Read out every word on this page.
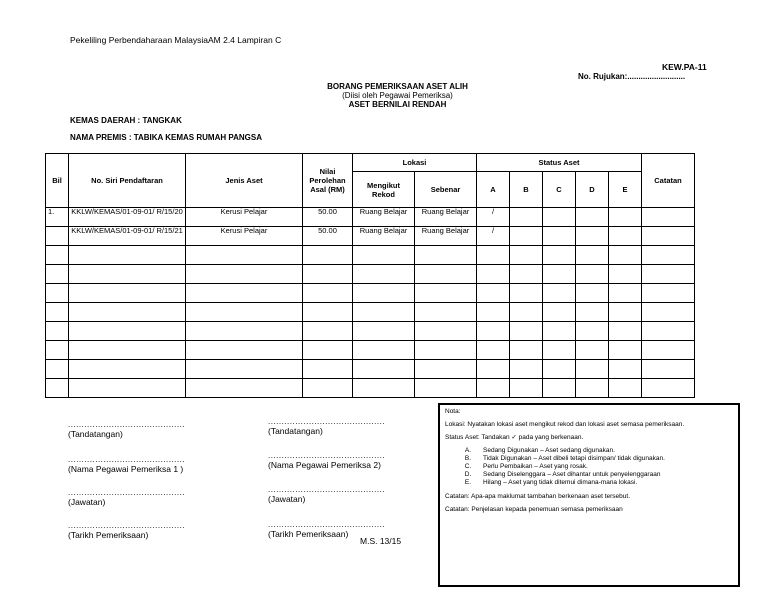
Pekeliling Perbendaharaan MalaysiaAM 2.4 Lampiran C
KEW.PA-11
No. Rujukan:..........................
BORANG PEMERIKSAAN ASET ALIH
(Diisi oleh Pegawai Pemeriksa)
ASET BERNILAI RENDAH
KEMAS DAERAH : TANGKAK
NAMA PREMIS : TABIKA KEMAS RUMAH PANGSA
Bil	No. Siri Pendaftaran	Jenis Aset	Nilai Perolehan Asal (RM)	Lokasi		Status Aset					Catatan
				Mengikut Rekod	Sebenar	A	B	C	D	E	
1.	KKLW/KEMAS/01-09-01/ R/15/20	Kerusi Pelajar	50.00	Ruang Belajar	Ruang Belajar	/					
	KKLW/KEMAS/01-09-01/ R/15/21	Kerusi Pelajar	50.00	Ruang Belajar	Ruang Belajar	/					

...........................................
(Tandatangan)
...........................................
(Nama Pegawai Pemeriksa 1 )
...........................................
(Jawatan)
...........................................
(Tarikh Pemeriksaan)
...........................................
(Tandatangan)
...........................................
(Nama Pegawai Pemeriksa 2)
...........................................
(Jawatan)
...........................................
(Tarikh Pemeriksaan)
M.S. 13/15

Nota:

Lokasi: Nyatakan lokasi aset mengikut rekod dan lokasi aset semasa pemeriksaan.

Status Aset: Tandakan ✓ pada yang berkenaan.

A.	Sedang Digunakan – Aset sedang digunakan.
B.	Tidak Digunakan – Aset dibeli tetapi disimpan/ tidak digunakan.
C.	Perlu Pembaikan – Aset yang rosak.
D.	Sedang Diselenggara – Aset dihantar untuk penyelenggaraan
E.	Hilang – Aset yang tidak ditemui dimana-mana lokasi.

Catatan: Apa-apa maklumat tambahan berkenaan aset tersebut.

Catatan: Penjelasan kepada penemuan semasa pemeriksaan
